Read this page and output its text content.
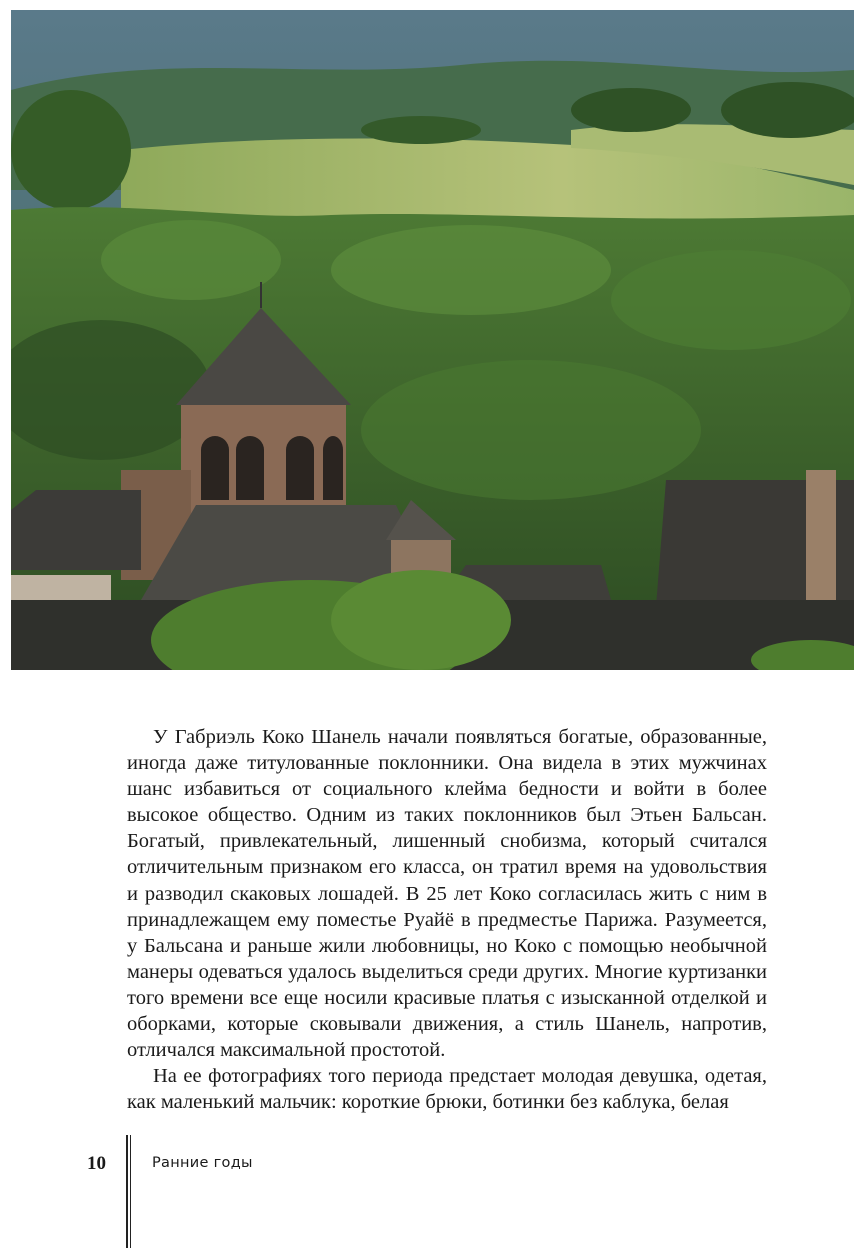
У Габриэль Коко Шанель начали появляться богатые, образованные, иногда даже титулованные поклонники. Она видела в этих мужчинах шанс избавиться от социального клейма бедности и войти в более высокое общество. Одним из таких поклонников был Этьен Бальсан. Богатый, привлекательный, лишенный снобизма, который считался отличительным признаком его класса, он тратил время на удовольствия и разводил скаковых лошадей. В 25 лет Коко согласилась жить с ним в принадлежащем ему поместье Руайё в предместье Парижа. Разумеется, у Бальсана и раньше жили любовницы, но Коко с помощью необычной манеры одеваться удалось выделиться среди других. Многие куртизанки того времени все еще носили красивые платья с изысканной отделкой и оборками, которые сковывали движения, а стиль Шанель, напротив, отличался максимальной простотой.

На ее фотографиях того периода предстает молодая девушка, одетая, как маленький мальчик: короткие брюки, ботинки без каблука, белая

10	Ранние годы
